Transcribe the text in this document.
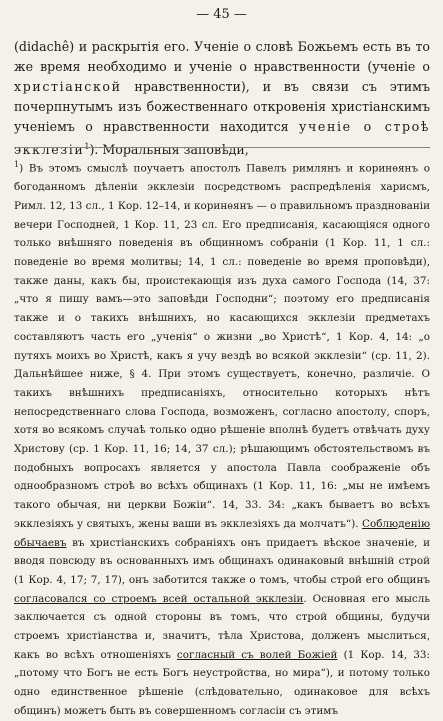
— 45 —

(didachê) и раскрытія его. Ученіе о словѣ Божьемъ есть въ то же время необходимо и ученіе о нравственности (ученіе о христіанской нравственности), и въ связи съ этимъ почерпнутымъ изъ божественнаго откровенія христіанскимъ ученіемъ о нравственности находится ученіе о строѣ экклезіи$^1$). Моральныя заповѣди,

$^1$) Въ этомъ смыслѣ поучаетъ апостолъ Павелъ римлянъ и коринѳянъ о богоданномъ дѣленіи экклезіи посредствомъ распредѣленія харисмъ, Римл. 12, 13 сл., 1 Кор. 12–14, и коринѳянъ — о правильномъ празднованіи вечери Господней, 1 Кор. 11, 23 сл. Его предписанія, касающіяся одного только внѣшняго поведенія въ общинномъ собраніи (1 Кор. 11, 1 сл.: поведеніе во время молитвы; 14, 1 сл.: поведеніе во время проповѣди), также даны, какъ бы, проистекающія изъ духа самого Господа (14, 37: „что я пишу вамъ—это заповѣди Господни“; поэтому его предписанія также и о такихъ внѣшнихъ, но касающихся экклезіи предметахъ составляютъ часть его „ученія“ о жизни „во Христѣ“, 1 Кор. 4, 14: „о путяхъ моихъ во Христѣ, какъ я учу вездѣ во всякой экклезіи“ (ср. 11, 2). Дальнѣйшее ниже, § 4. При этомъ существуетъ, конечно, различіе. О такихъ внѣшнихъ предписаніяхъ, относительно которыхъ нѣтъ непосредственнаго слова Господа, возможенъ, согласно апостолу, споръ, хотя во всякомъ случаѣ только одно рѣшеніе вполнѣ будетъ отвѣчать духу Христову (ср. 1 Кор. 11, 16; 14, 37 сл.); рѣшающимъ обстоятельствомъ въ подобныхъ вопросахъ является у апостола Павла соображеніе объ однообразномъ строѣ во всѣхъ общинахъ (1 Кор. 11, 16: „мы не имѣемъ такого обычая, ни церкви Божіи“. 14, 33. 34: „какъ бываетъ во всѣхъ экклезіяхъ у святыхъ, жены ваши въ экклезіяхъ да молчатъ“). Соблюденію обычаевъ въ христіанскихъ собраніяхъ онъ придаетъ вѣское значеніе, и вводя повсюду въ основанныхъ имъ общинахъ одинаковый внѣшній строй (1 Кор. 4, 17; 7, 17), онъ заботится также о томъ, чтобы строй его общинъ согласовался со строемъ всей остальной экклезіи. Основная его мысль заключается съ одной стороны въ томъ, что строй общины, будучи строемъ христіанства и, значитъ, тѣла Христова, долженъ мыслиться, какъ во всѣхъ отношеніяхъ согласный съ волей Божіей (1 Кор. 14, 33: „потому что Богъ не есть Богъ неустройства, но мира“), и потому только одно единственное рѣшеніе (слѣдовательно, одинаковое для всѣхъ общинъ) можетъ быть въ совершенномъ согласіи съ этимъ
